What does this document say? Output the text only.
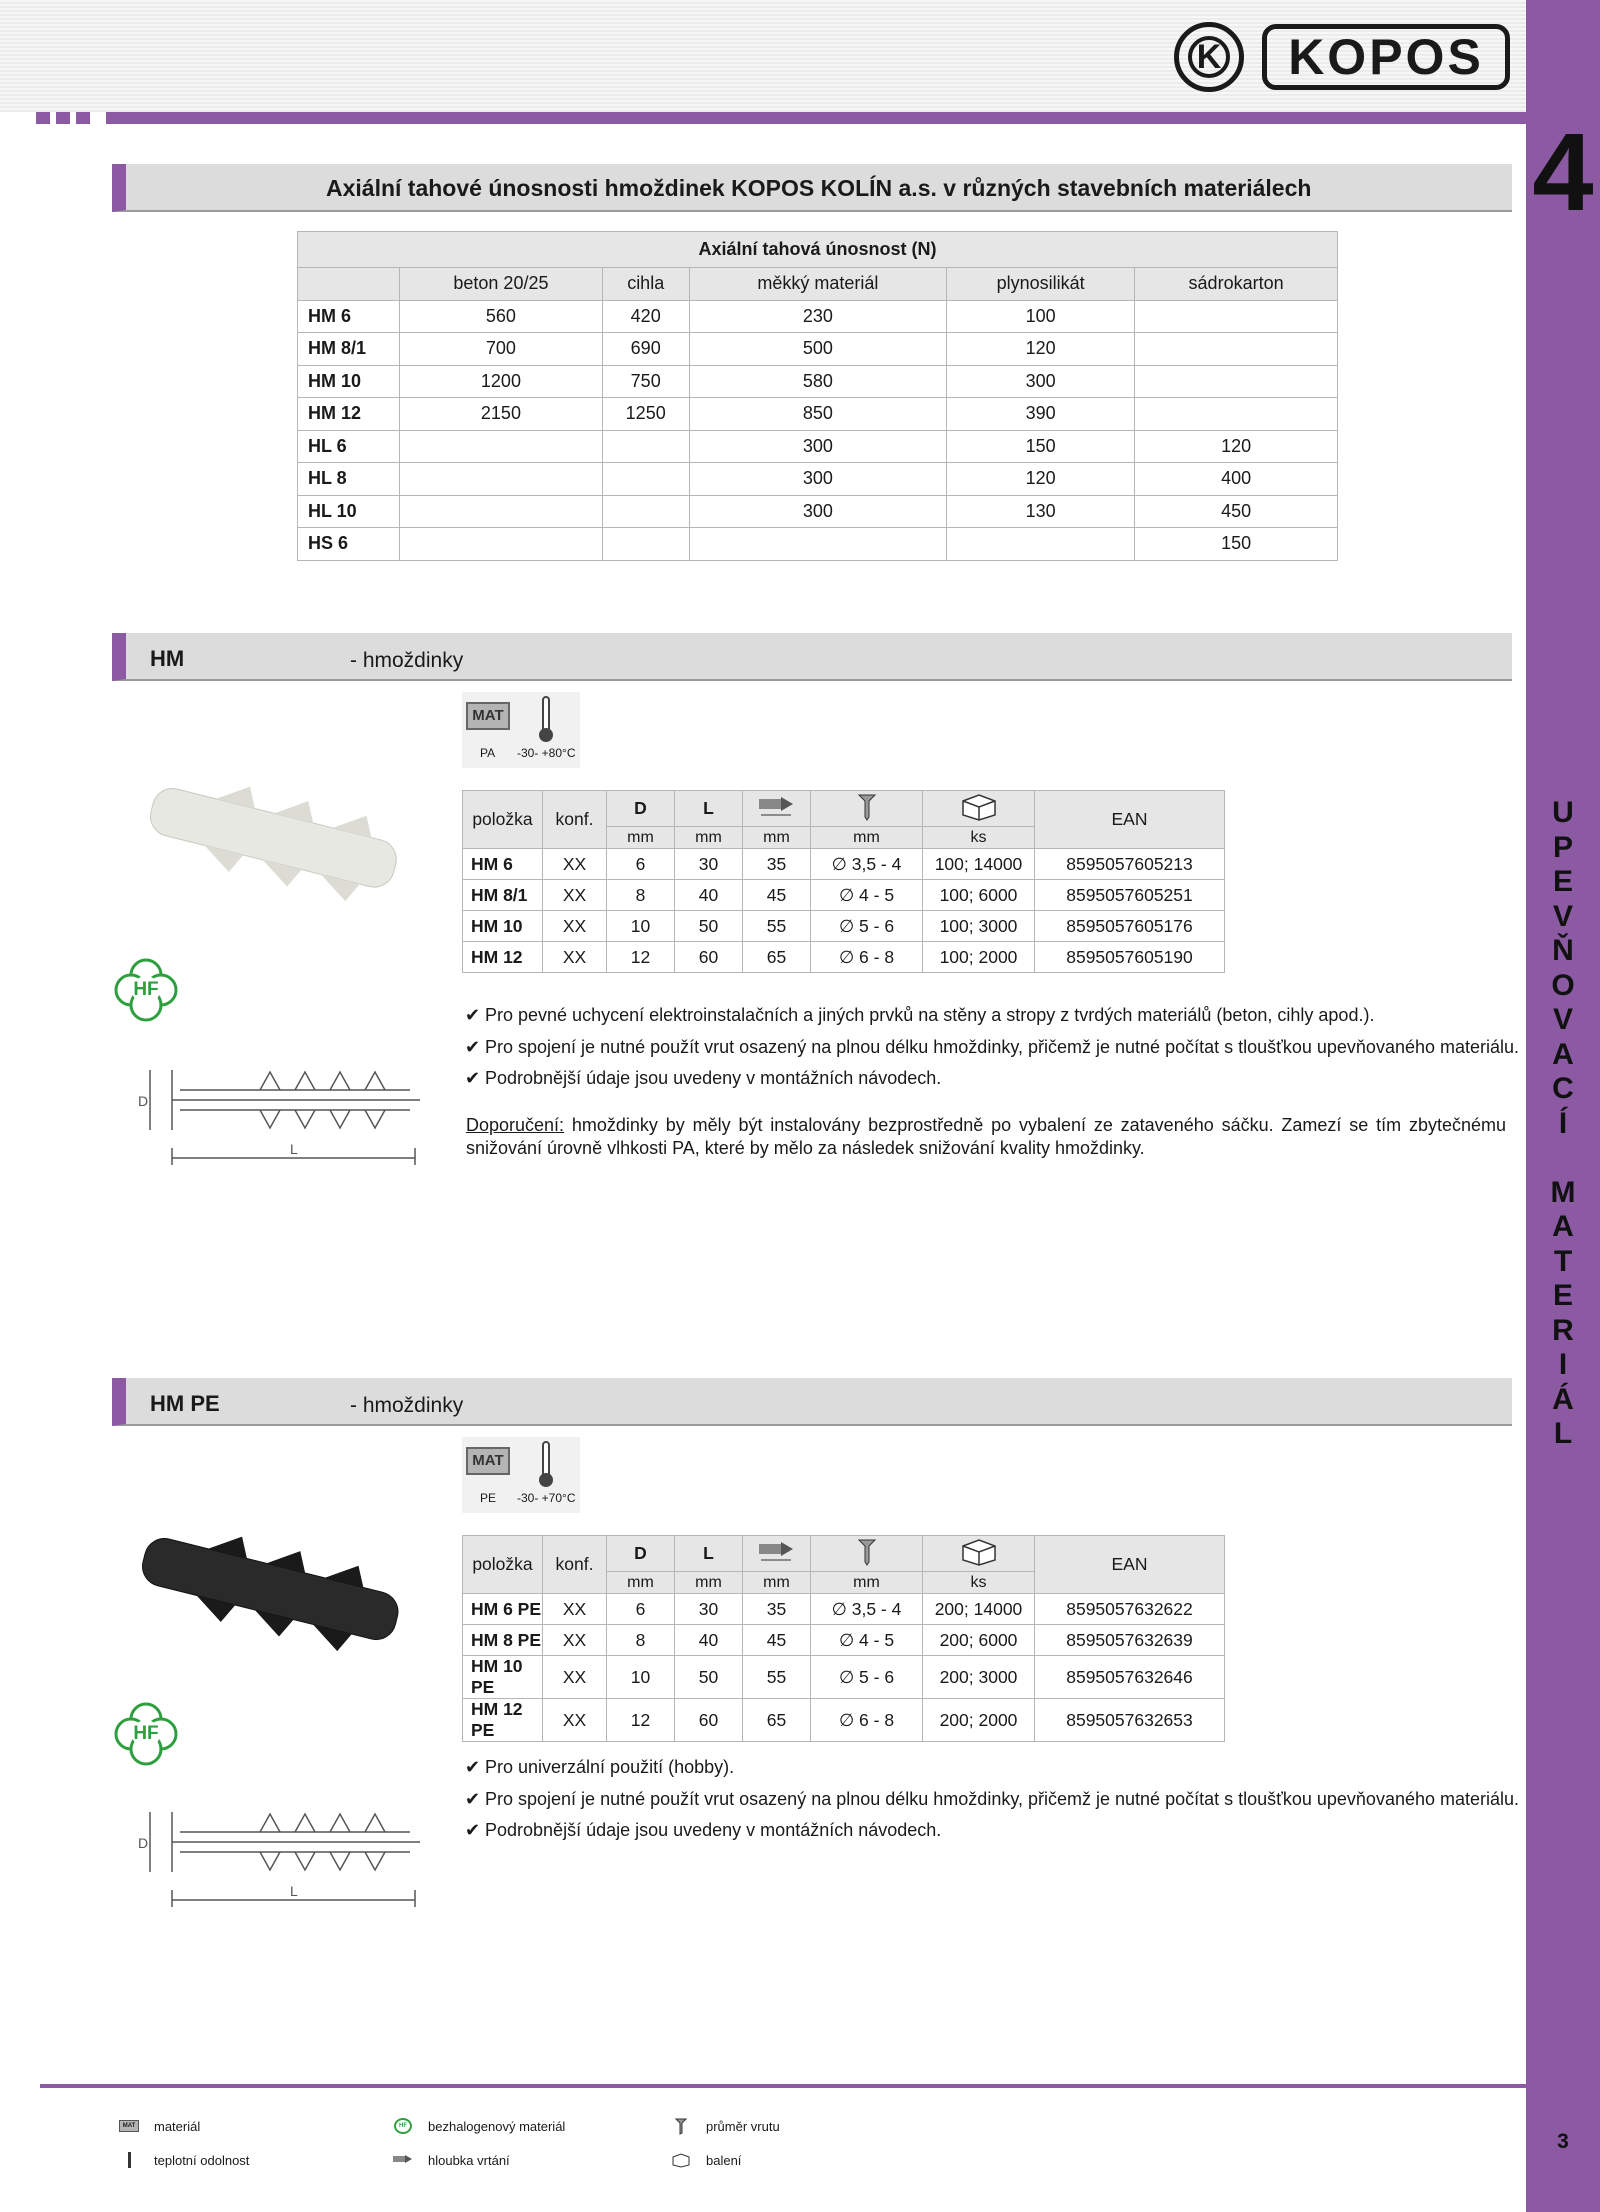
K KOPOS
4
U
P
E
V
Ň
O
V
A
C
Í
M
A
T
E
R
I
Á
L
3
Axiální tahové únosnosti hmoždinek KOPOS KOLÍN a.s. v různých stavebních materiálech
Axiální tahová únosnost (N)					
	beton 20/25	cihla	měkký materiál	plynosilikát	sádrokarton
HM 6	560	420	230	100	
HM 8/1	700	690	500	120	
HM 10	1200	750	580	300	
HM 12	2150	1250	850	390	
HL 6			300	150	120
HL 8			300	120	400
HL 10			300	130	450
HS 6					150
HM	- hmoždinky
MAT
PA -30- +80°C
HF
D
L
položka	konf.	D	L				EAN
		mm	mm	mm	mm	ks	
HM 6	XX	6	30	35	∅ 3,5 - 4	100; 14000	8595057605213
HM 8/1	XX	8	40	45	∅ 4 - 5	100; 6000	8595057605251
HM 10	XX	10	50	55	∅ 5 - 6	100; 3000	8595057605176
HM 12	XX	12	60	65	∅ 6 - 8	100; 2000	8595057605190
✔ Pro pevné uchycení elektroinstalačních a jiných prvků na stěny a stropy z tvrdých materiálů (beton, cihly apod.).
✔ Pro spojení je nutné použít vrut osazený na plnou délku hmoždinky, přičemž je nutné počítat s tloušťkou upevňovaného materiálu.
✔ Podrobnější údaje jsou uvedeny v montážních návodech.
Doporučení: hmoždinky by měly být instalovány bezprostředně po vybalení ze zataveného sáčku. Zamezí se tím zbytečnému snižování úrovně vlhkosti PA, které by mělo za následek snižování kvality hmoždinky.
HM PE	- hmoždinky
MAT
PE -30- +70°C
HF
D
L
položka	konf.	D	L				EAN
		mm	mm	mm	mm	ks	
HM 6 PE	XX	6	30	35	∅ 3,5 - 4	200; 14000	8595057632622
HM 8 PE	XX	8	40	45	∅ 4 - 5	200; 6000	8595057632639
HM 10 PE	XX	10	50	55	∅ 5 - 6	200; 3000	8595057632646
HM 12 PE	XX	12	60	65	∅ 6 - 8	200; 2000	8595057632653
✔ Pro univerzální použití (hobby).
✔ Pro spojení je nutné použít vrut osazený na plnou délku hmoždinky, přičemž je nutné počítat s tloušťkou upevňovaného materiálu.
✔ Podrobnější údaje jsou uvedeny v montážních návodech.
MAT materiál
teplotní odolnost
HF	bezhalogenový materiál
hloubka vrtání
průměr vrutu
balení
